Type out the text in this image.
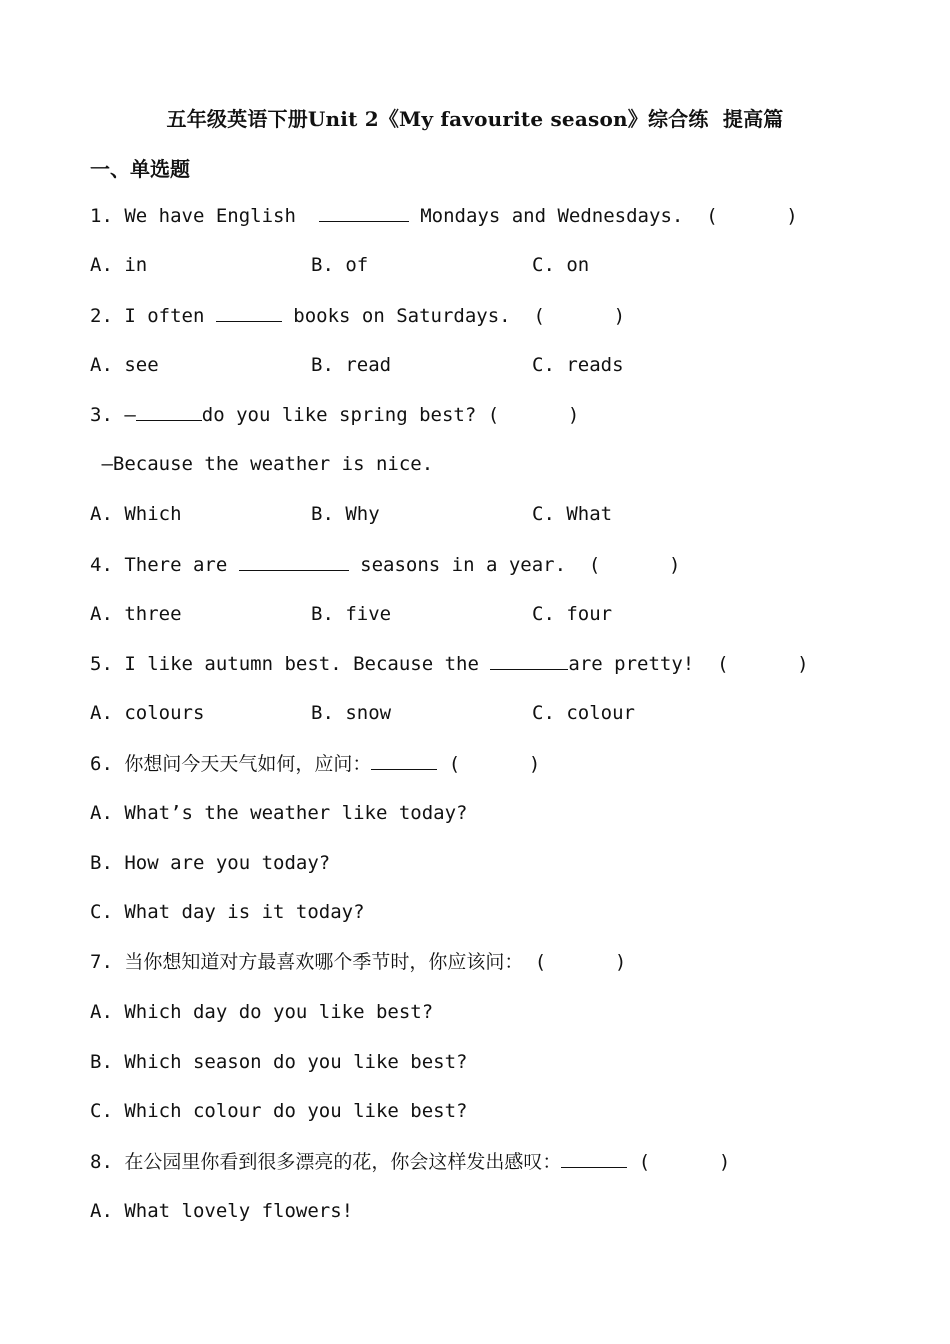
五年级英语下册Unit 2《My favourite season》综合练  提高篇
一、单选题
1. We have English	Mondays and Wednesdays.  (      )
A. in	B. of	C. on
2. I often	books on Saturdays.  (      )
A. see	B. read	C. reads
3. —	do you like spring best? (      )
—Because the weather is nice.
A. Which	B. Why	C. What
4. There are	seasons in a year.  (      )
A. three	B. five	C. four
5. I like autumn best. Because the	are pretty!  (      )
A. colours	B. snow	C. colour
6. 你想问今天天气如何，应问：	(      )
A. What’s the weather like today?
B. How are you today?
C. What day is it today?
7. 当你想知道对方最喜欢哪个季节时，你应该问： (      )
A. Which day do you like best?
B. Which season do you like best?
C. Which colour do you like best?
8. 在公园里你看到很多漂亮的花，你会这样发出感叹：	(      )
A. What lovely flowers!
